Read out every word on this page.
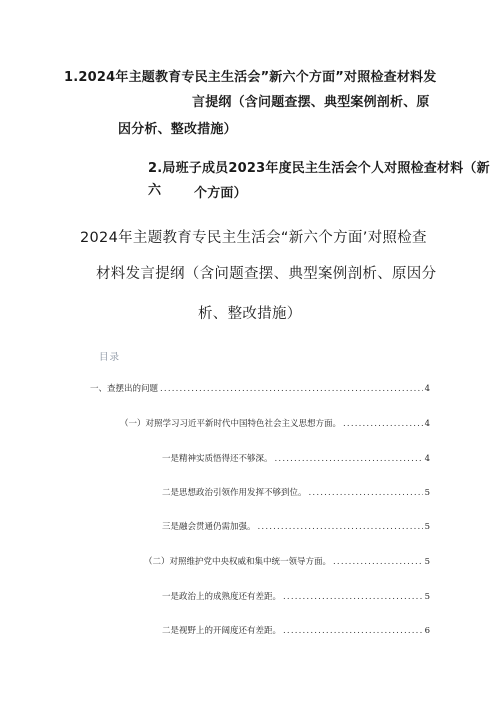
1.2024年主题教育专民主生活会”新六个方面”对照检查材料发
言提纲（含问题查摆、典型案例剖析、原
因分析、整改措施）
2.局班子成员2023年度民主生活会个人对照检查材料（新六	个方面）
2024年主题教育专民主生活会“新六个方面’对照检查
材料发言提纲（含问题查摆、典型案例剖析、原因分
析、整改措施）
目录
一、查摆出的问题 .....	4
（一）对照学习习近平新时代中国特色社会主义思想方面。 .....	4
一是精神实质悟得还不够深。 .....	4
二是思想政治引领作用发挥不够到位。 .....	5
三是融会贯通仍需加强。 .....	5
（二）对照维护党中央权威和集中统一领导方面。 .....	5
一是政治上的成熟度还有差距。 .....	5
二是视野上的开阔度还有差距。 .....	6
